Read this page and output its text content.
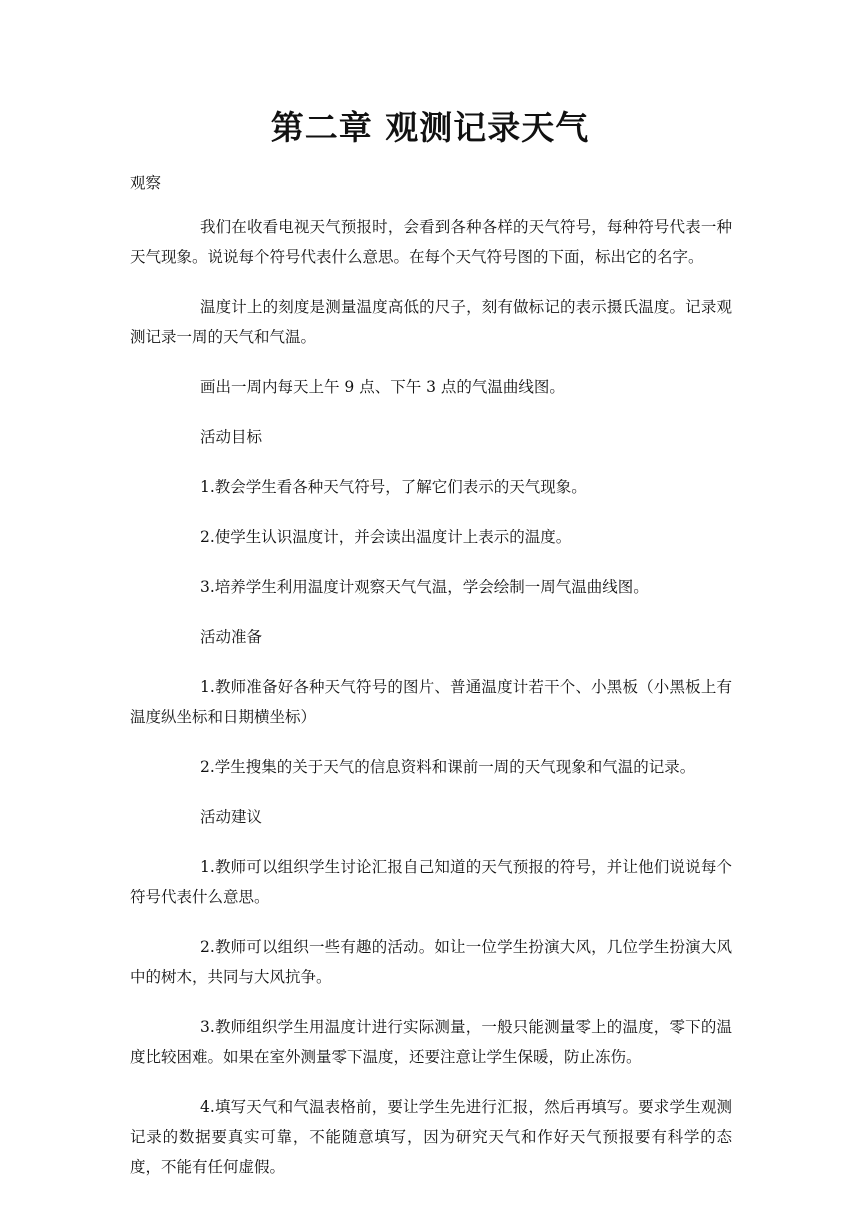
第二章 观测记录天气

观察

我们在收看电视天气预报时，会看到各种各样的天气符号，每种符号代表一种天气现象。说说每个符号代表什么意思。在每个天气符号图的下面，标出它的名字。

温度计上的刻度是测量温度高低的尺子，刻有做标记的表示摄氏温度。记录观测记录一周的天气和气温。

画出一周内每天上午 9 点、下午 3 点的气温曲线图。

活动目标

1.教会学生看各种天气符号，了解它们表示的天气现象。

2.使学生认识温度计，并会读出温度计上表示的温度。

3.培养学生利用温度计观察天气气温，学会绘制一周气温曲线图。

活动准备

1.教师准备好各种天气符号的图片、普通温度计若干个、小黑板（小黑板上有温度纵坐标和日期横坐标）

2.学生搜集的关于天气的信息资料和课前一周的天气现象和气温的记录。

活动建议

1.教师可以组织学生讨论汇报自己知道的天气预报的符号，并让他们说说每个符号代表什么意思。

2.教师可以组织一些有趣的活动。如让一位学生扮演大风，几位学生扮演大风中的树木，共同与大风抗争。

3.教师组织学生用温度计进行实际测量，一般只能测量零上的温度，零下的温度比较困难。如果在室外测量零下温度，还要注意让学生保暖，防止冻伤。

4.填写天气和气温表格前，要让学生先进行汇报，然后再填写。要求学生观测记录的数据要真实可靠，不能随意填写，因为研究天气和作好天气预报要有科学的态度，不能有任何虚假。
